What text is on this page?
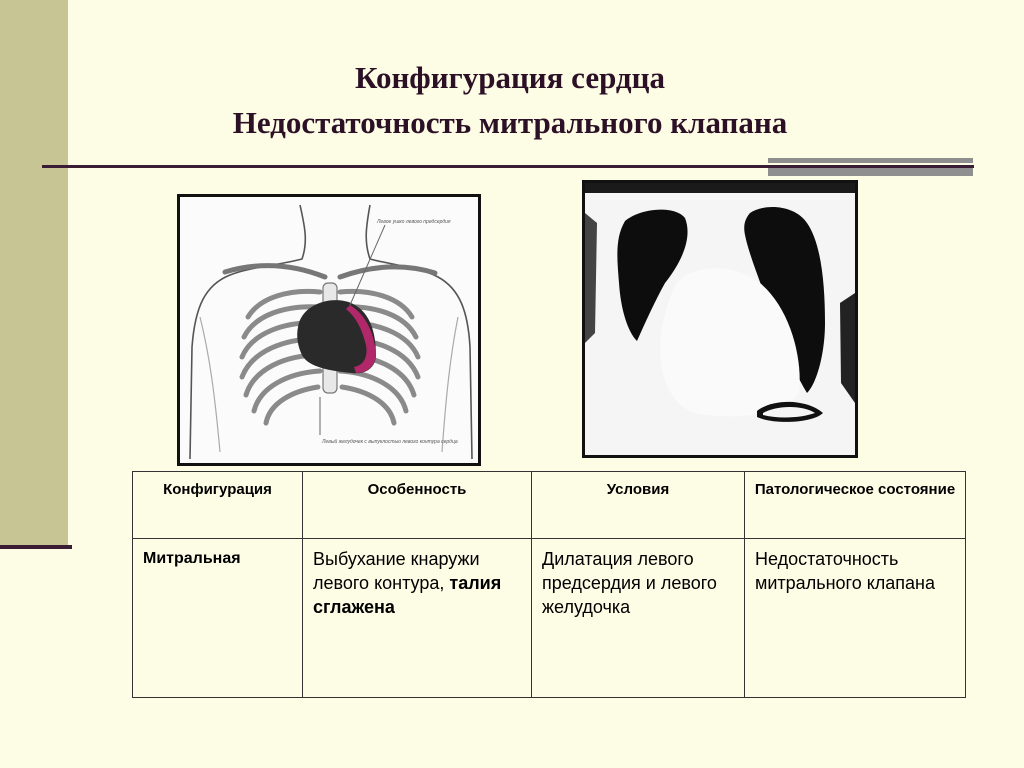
Конфигурация сердца
Недостаточность митрального клапана
Левое ушко левого предсердия
Левый желудочек с выпуклостью левого контура сердца
Конфигурация	Особенность	Условия	Патологическое состояние
Митральная	Выбухание кнаружи левого контура, талия сглажена	Дилатация левого предсердия и левого желудочка	Недостаточность митрального клапана
